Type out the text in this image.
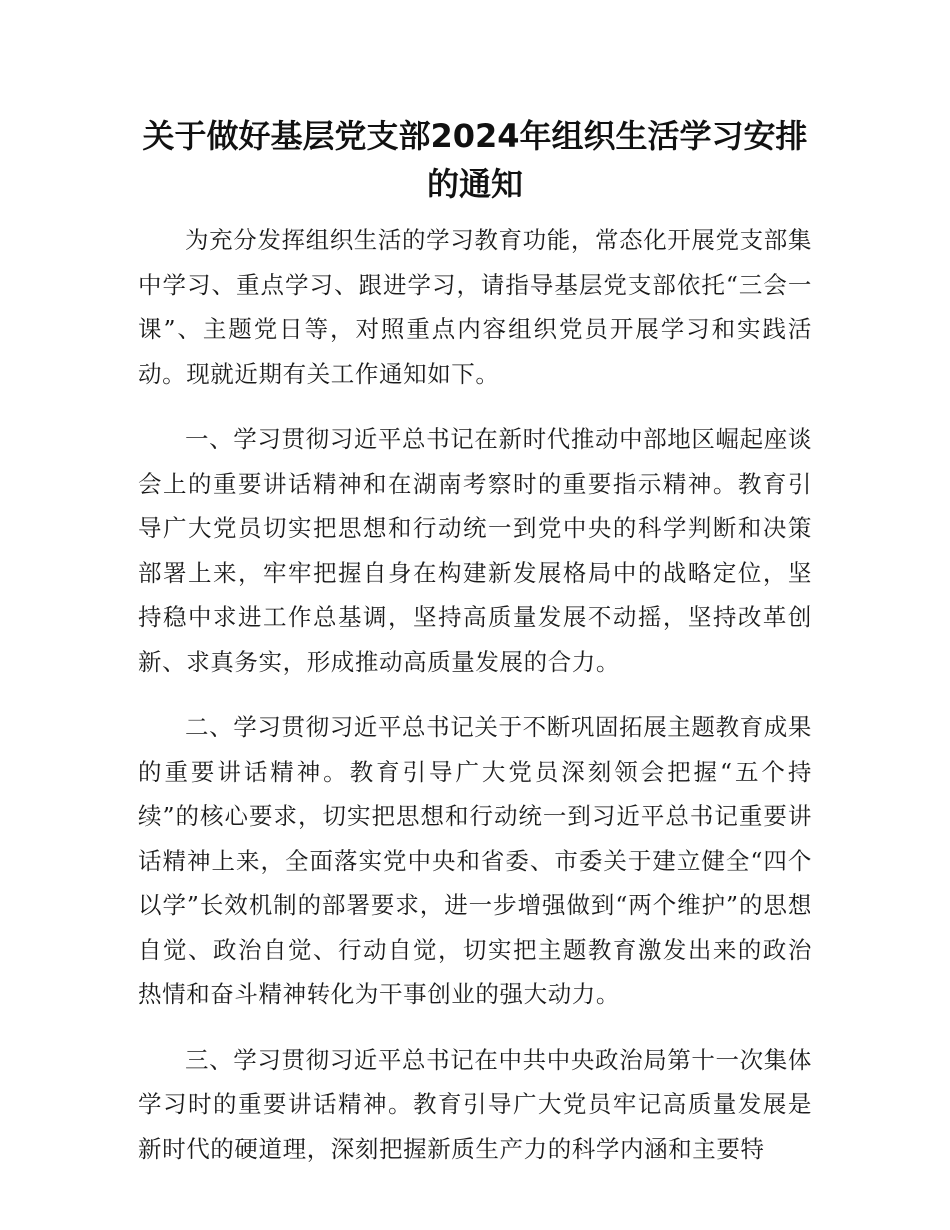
关于做好基层党支部2024年组织生活学习安排的通知

为充分发挥组织生活的学习教育功能，常态化开展党支部集中学习、重点学习、跟进学习，请指导基层党支部依托“三会一课”、主题党日等，对照重点内容组织党员开展学习和实践活动。现就近期有关工作通知如下。

一、学习贯彻习近平总书记在新时代推动中部地区崛起座谈会上的重要讲话精神和在湖南考察时的重要指示精神。教育引导广大党员切实把思想和行动统一到党中央的科学判断和决策部署上来，牢牢把握自身在构建新发展格局中的战略定位，坚持稳中求进工作总基调，坚持高质量发展不动摇，坚持改革创新、求真务实，形成推动高质量发展的合力。

二、学习贯彻习近平总书记关于不断巩固拓展主题教育成果的重要讲话精神。教育引导广大党员深刻领会把握“五个持续”的核心要求，切实把思想和行动统一到习近平总书记重要讲话精神上来，全面落实党中央和省委、市委关于建立健全“四个以学”长效机制的部署要求，进一步增强做到“两个维护”的思想自觉、政治自觉、行动自觉，切实把主题教育激发出来的政治热情和奋斗精神转化为干事创业的强大动力。

三、学习贯彻习近平总书记在中共中央政治局第十一次集体学习时的重要讲话精神。教育引导广大党员牢记高质量发展是新时代的硬道理，深刻把握新质生产力的科学内涵和主要特
